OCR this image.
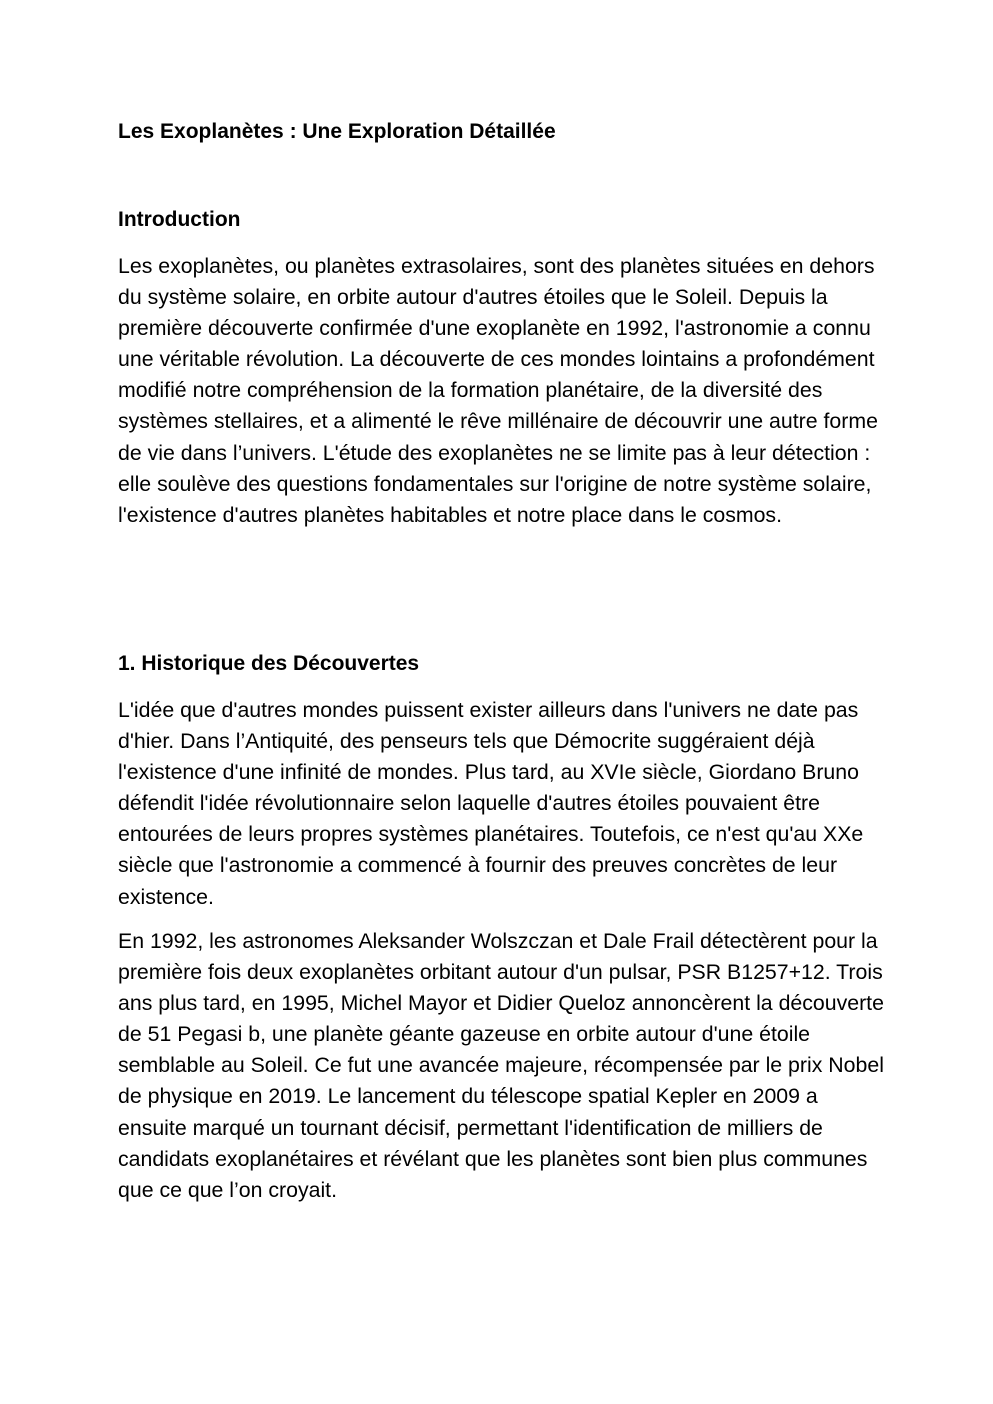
Les Exoplanètes : Une Exploration Détaillée
Introduction

Les exoplanètes, ou planètes extrasolaires, sont des planètes situées en dehors du système solaire, en orbite autour d'autres étoiles que le Soleil. Depuis la première découverte confirmée d'une exoplanète en 1992, l'astronomie a connu une véritable révolution. La découverte de ces mondes lointains a profondément modifié notre compréhension de la formation planétaire, de la diversité des systèmes stellaires, et a alimenté le rêve millénaire de découvrir une autre forme de vie dans l’univers. L'étude des exoplanètes ne se limite pas à leur détection : elle soulève des questions fondamentales sur l'origine de notre système solaire, l'existence d'autres planètes habitables et notre place dans le cosmos.

1. Historique des Découvertes

L'idée que d'autres mondes puissent exister ailleurs dans l'univers ne date pas d'hier. Dans l’Antiquité, des penseurs tels que Démocrite suggéraient déjà l'existence d'une infinité de mondes. Plus tard, au XVIe siècle, Giordano Bruno défendit l'idée révolutionnaire selon laquelle d'autres étoiles pouvaient être entourées de leurs propres systèmes planétaires. Toutefois, ce n'est qu'au XXe siècle que l'astronomie a commencé à fournir des preuves concrètes de leur existence.

En 1992, les astronomes Aleksander Wolszczan et Dale Frail détectèrent pour la première fois deux exoplanètes orbitant autour d'un pulsar, PSR B1257+12. Trois ans plus tard, en 1995, Michel Mayor et Didier Queloz annoncèrent la découverte de 51 Pegasi b, une planète géante gazeuse en orbite autour d'une étoile semblable au Soleil. Ce fut une avancée majeure, récompensée par le prix Nobel de physique en 2019. Le lancement du télescope spatial Kepler en 2009 a ensuite marqué un tournant décisif, permettant l'identification de milliers de candidats exoplanétaires et révélant que les planètes sont bien plus communes que ce que l’on croyait.
